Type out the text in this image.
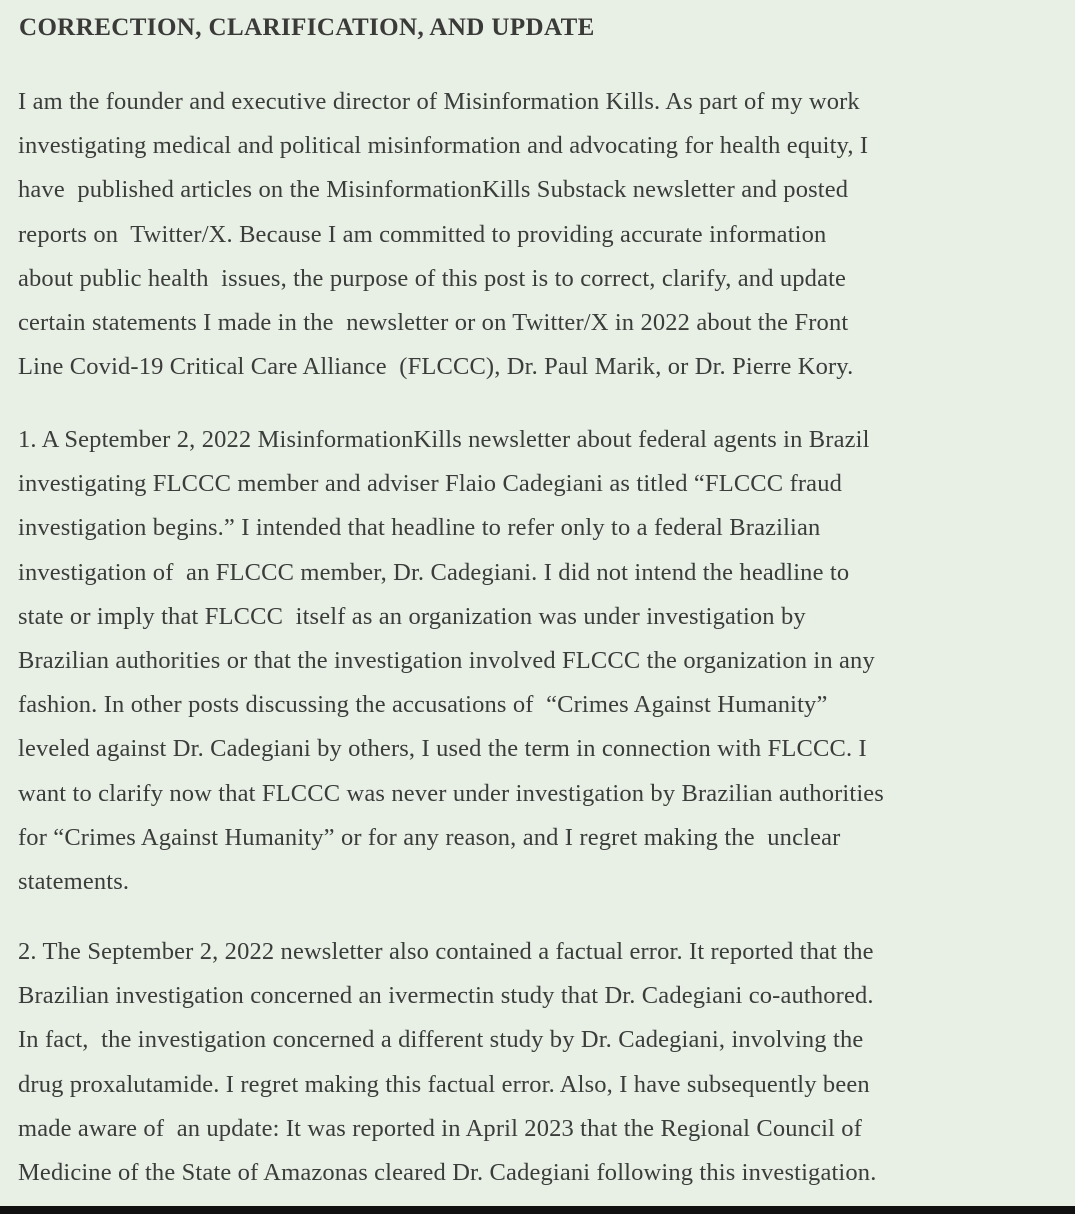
CORRECTION, CLARIFICATION, AND UPDATE
I am the founder and executive director of Misinformation Kills. As part of my work
investigating medical and political misinformation and advocating for health equity, I
have  published articles on the MisinformationKills Substack newsletter and posted
reports on  Twitter/X. Because I am committed to providing accurate information
about public health  issues, the purpose of this post is to correct, clarify, and update
certain statements I made in the  newsletter or on Twitter/X in 2022 about the Front
Line Covid-19 Critical Care Alliance  (FLCCC), Dr. Paul Marik, or Dr. Pierre Kory.
1. A September 2, 2022 MisinformationKills newsletter about federal agents in Brazil
investigating FLCCC member and adviser Flaio Cadegiani as titled “FLCCC fraud
investigation begins.” I intended that headline to refer only to a federal Brazilian
investigation of  an FLCCC member, Dr. Cadegiani. I did not intend the headline to
state or imply that FLCCC  itself as an organization was under investigation by
Brazilian authorities or that the investigation involved FLCCC the organization in any
fashion. In other posts discussing the accusations of  “Crimes Against Humanity”
leveled against Dr. Cadegiani by others, I used the term in connection with FLCCC. I
want to clarify now that FLCCC was never under investigation by Brazilian authorities
for “Crimes Against Humanity” or for any reason, and I regret making the  unclear
statements.
2. The September 2, 2022 newsletter also contained a factual error. It reported that the
Brazilian investigation concerned an ivermectin study that Dr. Cadegiani co-authored.
In fact,  the investigation concerned a different study by Dr. Cadegiani, involving the
drug proxalutamide. I regret making this factual error. Also, I have subsequently been
made aware of  an update: It was reported in April 2023 that the Regional Council of
Medicine of the State of Amazonas cleared Dr. Cadegiani following this investigation.
